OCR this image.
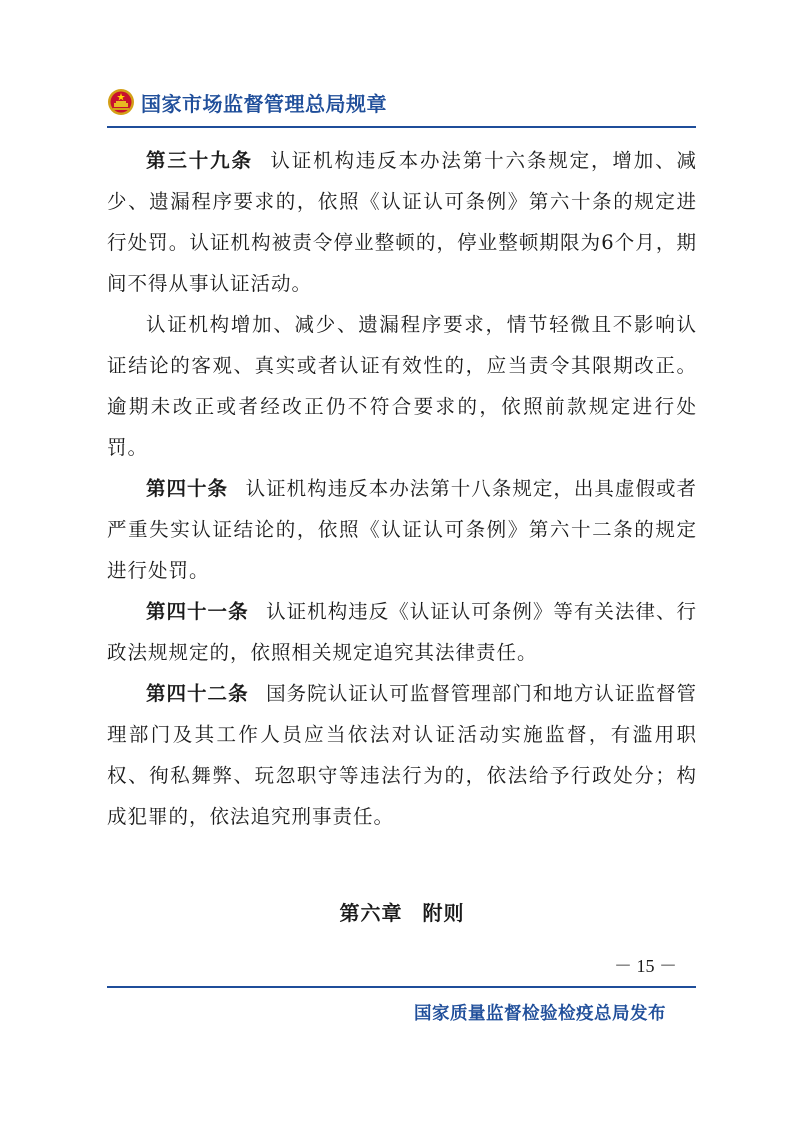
国家市场监督管理总局规章

第三十九条 认证机构违反本办法第十六条规定，增加、减少、遗漏程序要求的，依照《认证认可条例》第六十条的规定进行处罚。认证机构被责令停业整顿的，停业整顿期限为6个月，期间不得从事认证活动。

认证机构增加、减少、遗漏程序要求，情节轻微且不影响认证结论的客观、真实或者认证有效性的，应当责令其限期改正。逾期未改正或者经改正仍不符合要求的，依照前款规定进行处罚。

第四十条 认证机构违反本办法第十八条规定，出具虚假或者严重失实认证结论的，依照《认证认可条例》第六十二条的规定进行处罚。

第四十一条 认证机构违反《认证认可条例》等有关法律、行政法规规定的，依照相关规定追究其法律责任。

第四十二条 国务院认证认可监督管理部门和地方认证监督管理部门及其工作人员应当依法对认证活动实施监督，有滥用职权、徇私舞弊、玩忽职守等违法行为的，依法给予行政处分；构成犯罪的，依法追究刑事责任。

第六章 附则
－ 15 －
国家质量监督检验检疫总局发布
